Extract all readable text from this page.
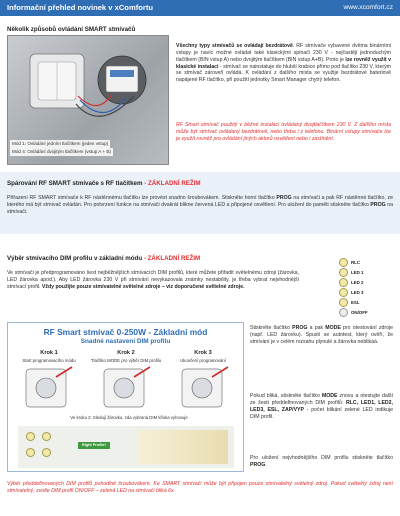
Informační přehled novinek v xComfortu	www.xcomfort.cz
Několik způsobů ovládání SMART stmívačů
Mód 1: Ovládání jedním tlačítkem (jeden vstup)
Mód 4: Ovládání dvojitým tlačítkem (vstup A + B)
Všechny typy stmívačů se ovládají bezdrátově. RF stmívače vybavené dvěma binárními vstupy je navíc možné ovládat také klasickými spínači 230 V - nejčastěji jednoduchým tlačítkem (BIN vstup A) nebo dvojitým tlačítkem (BIN vstup A+B). Proto je lze rovněž využít v klasické instalaci - stmívač se nainstaluje do hlubší krabice přímo pod tlačítko 230 V, kterým se stmívač zároveň ovládá. K ovládání z dalšího místa se využije bezdrátové bateriově napájené RF tlačítko, při použití jednotky Smart Manager chytrý telefon.
RF Smart stmívač použitý v běžné instalaci ovládaný dvojtlačítkem 230 V. Z dalšího místa může být stmívač ovládaný bezdrátově, nebo třeba i z telefonu. Binární vstupy stmívače lze je využít rovněž pro ovládání jiných aktorů osvětlení nebo i zastínění.
Spárování RF SMART stmívače s RF tlačítkem - ZÁKLADNÍ REŽIM
Přiřazení RF SMART stmívače k RF nástěnnému tlačítku lze provést snadno šroubovákem. Stiskněte horní tlačítko PROG na stmívači a pak RF nástěnné tlačítko, ze kterého má být stmívač ovládán. Pro potvrzení funkce na stmívači dvakrát blikne červená LED a připojené osvětlení. Pro uložení do paměti stiskněte tlačítko PROG na stmívači.
Výběr stmívacího DIM profilu v základní módu - ZÁKLADNÍ REŽIM
Ve stmívači je předprogramováno šest nejběžnějších stmívacích DIM profilů, které můžete přiřadit světelnému zdroji (žárovka, LED žárovka apod.). Aby LED žárovka 230 V při stmívání nevykazovala známky nestability, je třeba vybrat nejvhodnější stmívací profil. Vždy použijte pouze stmívatelné světelné zdroje – viz doporučené světelné zdroje.
RLC
LED 1
LED 2
LED 3
ESL
ON/OFF
RF Smart stmívač 0-250W - Základní mód
Snadné nastavení DIM profilu
Krok 1
Start programovacího módu
Krok 2
Tlačítko MODE pro výběr DIM profilu
Krok 3
Ukončení programování
Ve kroku 2: Sledují žárovku, zda vybraná DIM křivka vyhovuje
Right Profile!
Stiskněte tlačítko PROG a pak MODE pro otestování zdroje (např. LED žárovku). Spustí se autotest, který ověří, že stmívání je v celém rozsahu plynulé a žárovka neblikáá.
Pokud bliká, stiskněte tlačítko MODE znovu a otestujte další ze šesti předdefinovaných DIM profilů: RLC, LED1, LED2, LED3, ESL, ZAP/VYP - počet blikání zelené LED indikuje DIM profil.
Pro uložení nejvhodnějšího DIM profilu stiskněte tlačítko PROG.
Výběr předdefinovaných DIM profilů pohodlně šroubovákem. Ke SMART stmívači může být připojen pouze stmívatelný světelný zdroj. Pokud světelný zdroj není stmívatelný, zvolte DIM profil ON/OFF – zelená LED na stmívači bliká 6x.
